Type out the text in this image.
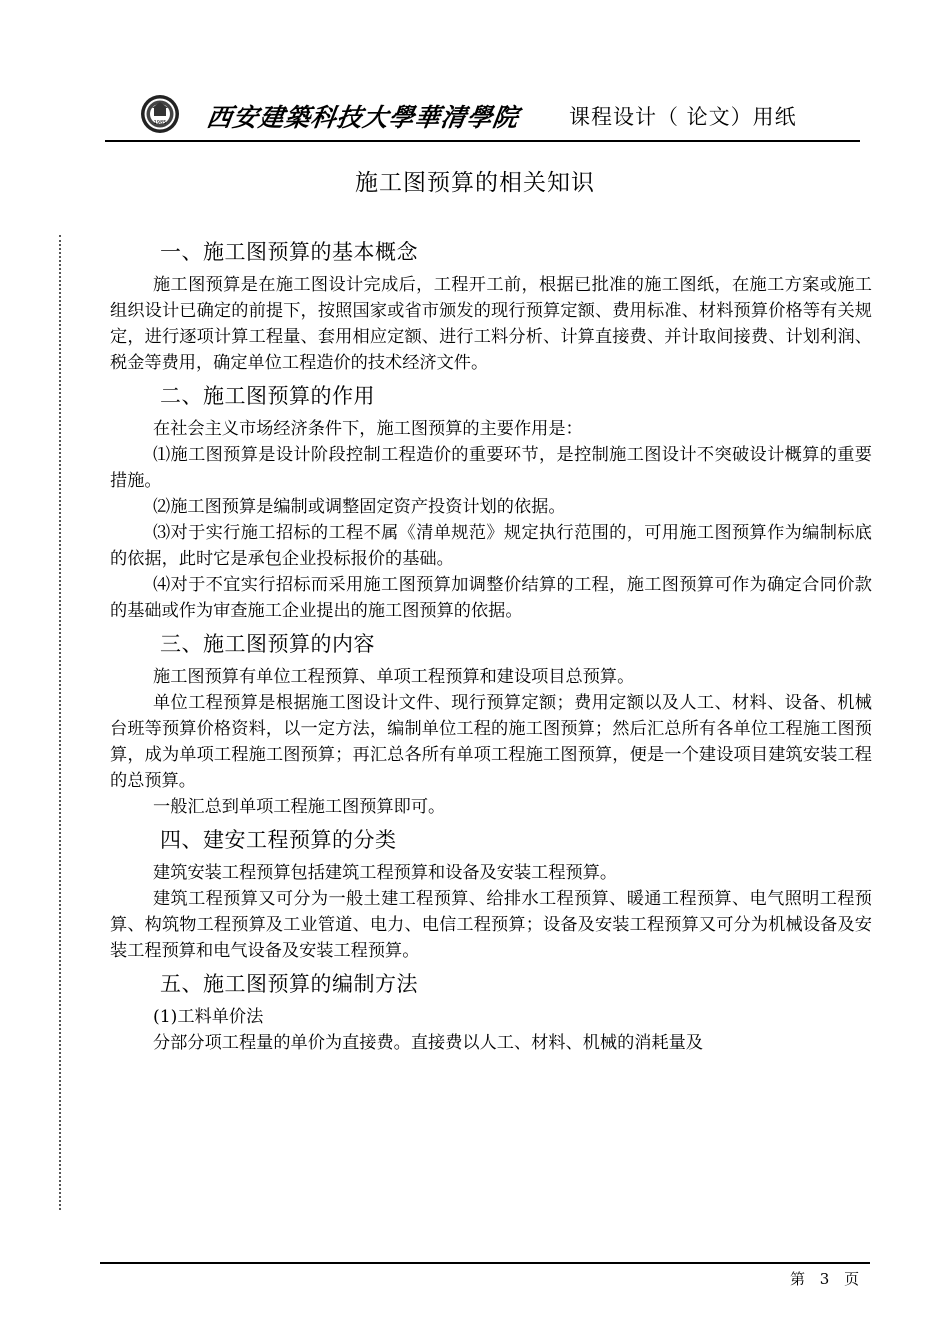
1985 西安建築科技大學華清學院 课程设计（ 论文）用纸
施工图预算的相关知识
一、施工图预算的基本概念

施工图预算是在施工图设计完成后，工程开工前，根据已批准的施工图纸，在施工方案或施工组织设计已确定的前提下，按照国家或省市颁发的现行预算定额、费用标准、材料预算价格等有关规定，进行逐项计算工程量、套用相应定额、进行工料分析、计算直接费、并计取间接费、计划利润、税金等费用，确定单位工程造价的技术经济文件。

二、施工图预算的作用

在社会主义市场经济条件下，施工图预算的主要作用是：

⑴施工图预算是设计阶段控制工程造价的重要环节，是控制施工图设计不突破设计概算的重要措施。

⑵施工图预算是编制或调整固定资产投资计划的依据。

⑶对于实行施工招标的工程不属《清单规范》规定执行范围的，可用施工图预算作为编制标底的依据，此时它是承包企业投标报价的基础。

⑷对于不宜实行招标而采用施工图预算加调整价结算的工程，施工图预算可作为确定合同价款的基础或作为审查施工企业提出的施工图预算的依据。

三、施工图预算的内容

施工图预算有单位工程预算、单项工程预算和建设项目总预算。

单位工程预算是根据施工图设计文件、现行预算定额；费用定额以及人工、材料、设备、机械台班等预算价格资料，以一定方法，编制单位工程的施工图预算；然后汇总所有各单位工程施工图预算，成为单项工程施工图预算；再汇总各所有单项工程施工图预算，便是一个建设项目建筑安装工程的总预算。

一般汇总到单项工程施工图预算即可。

四、建安工程预算的分类

建筑安装工程预算包括建筑工程预算和设备及安装工程预算。

建筑工程预算又可分为一般土建工程预算、给排水工程预算、暖通工程预算、电气照明工程预算、构筑物工程预算及工业管道、电力、电信工程预算；设备及安装工程预算又可分为机械设备及安装工程预算和电气设备及安装工程预算。

五、施工图预算的编制方法

(1)工料单价法

分部分项工程量的单价为直接费。直接费以人工、材料、机械的消耗量及

第 3 页
